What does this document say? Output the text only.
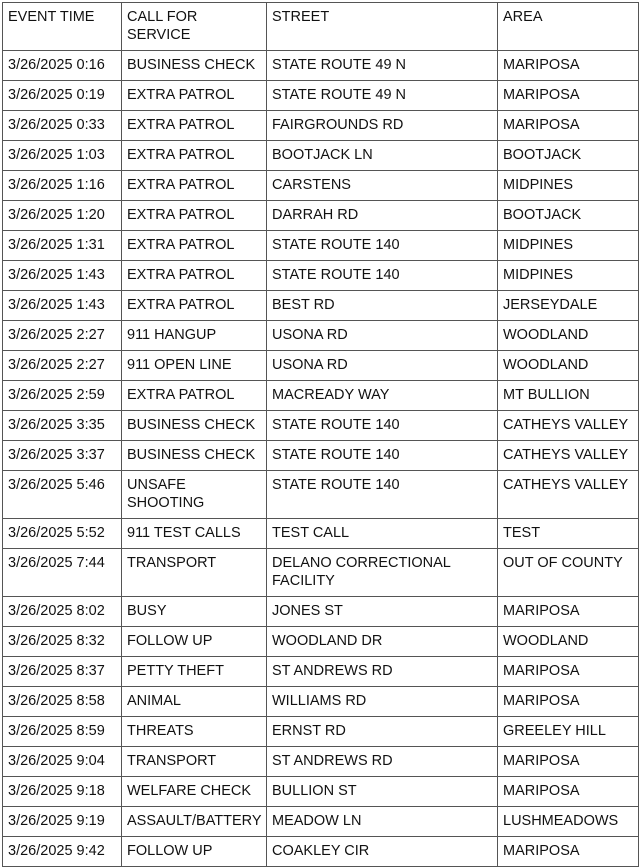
EVENT TIME	CALL FOR SERVICE	STREET	AREA
3/26/2025 0:16	BUSINESS CHECK	STATE ROUTE 49 N	MARIPOSA
3/26/2025 0:19	EXTRA PATROL	STATE ROUTE 49 N	MARIPOSA
3/26/2025 0:33	EXTRA PATROL	FAIRGROUNDS RD	MARIPOSA
3/26/2025 1:03	EXTRA PATROL	BOOTJACK LN	BOOTJACK
3/26/2025 1:16	EXTRA PATROL	CARSTENS	MIDPINES
3/26/2025 1:20	EXTRA PATROL	DARRAH RD	BOOTJACK
3/26/2025 1:31	EXTRA PATROL	STATE ROUTE 140	MIDPINES
3/26/2025 1:43	EXTRA PATROL	STATE ROUTE 140	MIDPINES
3/26/2025 1:43	EXTRA PATROL	BEST RD	JERSEYDALE
3/26/2025 2:27	911 HANGUP	USONA RD	WOODLAND
3/26/2025 2:27	911 OPEN LINE	USONA RD	WOODLAND
3/26/2025 2:59	EXTRA PATROL	MACREADY WAY	MT BULLION
3/26/2025 3:35	BUSINESS CHECK	STATE ROUTE 140	CATHEYS VALLEY
3/26/2025 3:37	BUSINESS CHECK	STATE ROUTE 140	CATHEYS VALLEY
3/26/2025 5:46	UNSAFE SHOOTING	STATE ROUTE 140	CATHEYS VALLEY
3/26/2025 5:52	911 TEST CALLS	TEST CALL	TEST
3/26/2025 7:44	TRANSPORT	DELANO CORRECTIONAL FACILITY	OUT OF COUNTY
3/26/2025 8:02	BUSY	JONES ST	MARIPOSA
3/26/2025 8:32	FOLLOW UP	WOODLAND DR	WOODLAND
3/26/2025 8:37	PETTY THEFT	ST ANDREWS RD	MARIPOSA
3/26/2025 8:58	ANIMAL	WILLIAMS RD	MARIPOSA
3/26/2025 8:59	THREATS	ERNST RD	GREELEY HILL
3/26/2025 9:04	TRANSPORT	ST ANDREWS RD	MARIPOSA
3/26/2025 9:18	WELFARE CHECK	BULLION ST	MARIPOSA
3/26/2025 9:19	ASSAULT/BATTERY	MEADOW LN	LUSHMEADOWS
3/26/2025 9:42	FOLLOW UP	COAKLEY CIR	MARIPOSA
